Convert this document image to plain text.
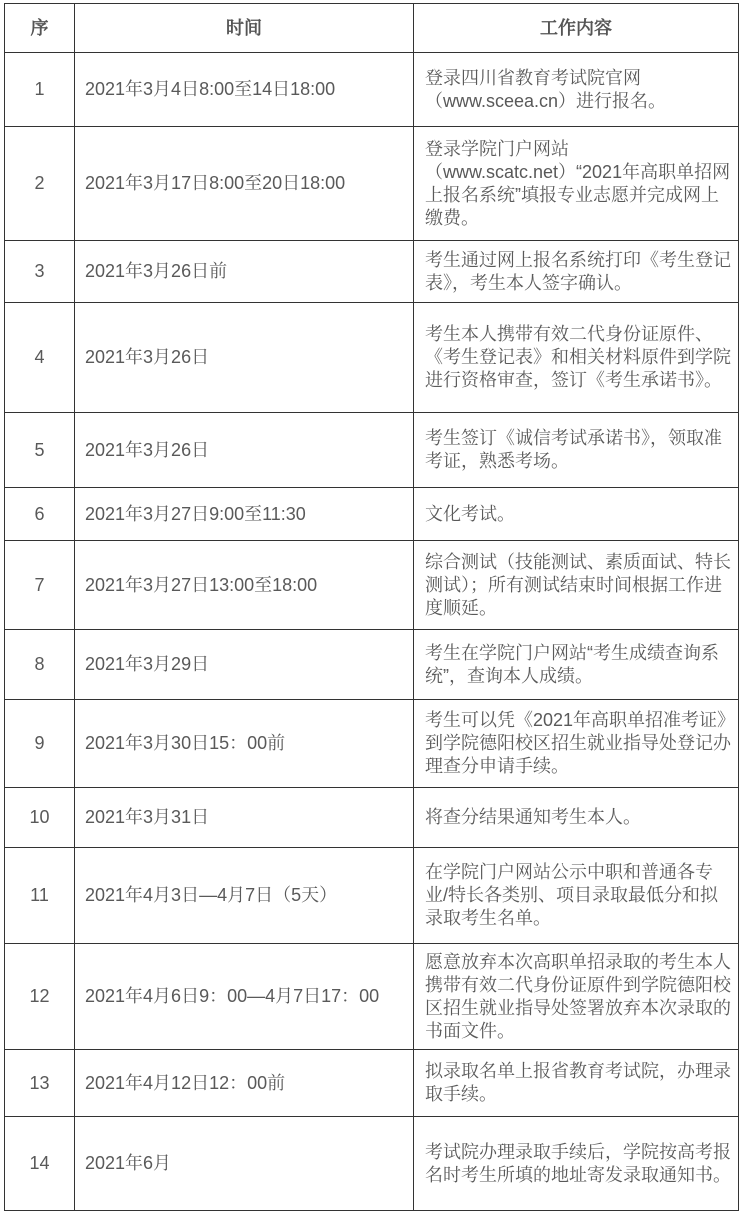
序	时间	工作内容
1	2021年3月4日8:00至14日18:00	登录四川省教育考试院官网（www.sceea.cn）进行报名。
2	2021年3月17日8:00至20日18:00	登录学院门户网站（www.scatc.net）“2021年高职单招网上报名系统”填报专业志愿并完成网上缴费。
3	2021年3月26日前	考生通过网上报名系统打印《考生登记表》，考生本人签字确认。
4	2021年3月26日	考生本人携带有效二代身份证原件、《考生登记表》和相关材料原件到学院进行资格审查，签订《考生承诺书》。
5	2021年3月26日	考生签订《诚信考试承诺书》，领取准考证，熟悉考场。
6	2021年3月27日9:00至11:30	文化考试。
7	2021年3月27日13:00至18:00	综合测试（技能测试、素质面试、特长测试）；所有测试结束时间根据工作进度顺延。
8	2021年3月29日	考生在学院门户网站“考生成绩查询系统”，查询本人成绩。
9	2021年3月30日15：00前	考生可以凭《2021年高职单招准考证》到学院德阳校区招生就业指导处登记办理查分申请手续。
10	2021年3月31日	将查分结果通知考生本人。
11	2021年4月3日—4月7日（5天）	在学院门户网站公示中职和普通各专业/特长各类别、项目录取最低分和拟录取考生名单。
12	2021年4月6日9：00—4月7日17：00	愿意放弃本次高职单招录取的考生本人携带有效二代身份证原件到学院德阳校区招生就业指导处签署放弃本次录取的书面文件。
13	2021年4月12日12：00前	拟录取名单上报省教育考试院，办理录取手续。
14	2021年6月	考试院办理录取手续后，学院按高考报名时考生所填的地址寄发录取通知书。
